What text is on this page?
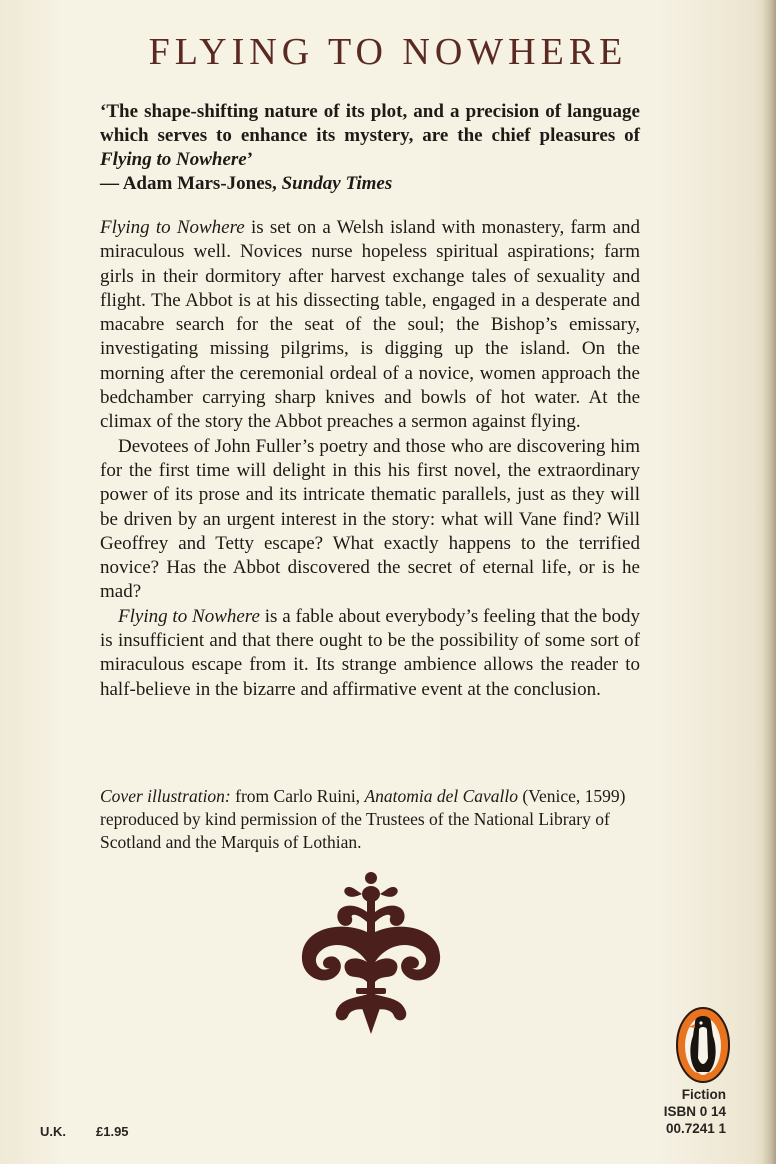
FLYING TO NOWHERE
‘The shape-shifting nature of its plot, and a precision of language which serves to enhance its mystery, are the chief pleasures of Flying to Nowhere’
— Adam Mars-Jones, Sunday Times

Flying to Nowhere is set on a Welsh island with monastery, farm and miraculous well. Novices nurse hopeless spiritual aspirations; farm girls in their dormitory after harvest exchange tales of sexuality and flight. The Abbot is at his dissecting table, engaged in a desperate and macabre search for the seat of the soul; the Bishop’s emissary, investigating missing pilgrims, is digging up the island. On the morning after the ceremonial ordeal of a novice, women approach the bedchamber carrying sharp knives and bowls of hot water. At the climax of the story the Abbot preaches a sermon against flying.

Devotees of John Fuller’s poetry and those who are discovering him for the first time will delight in this his first novel, the extraordinary power of its prose and its intricate thematic parallels, just as they will be driven by an urgent interest in the story: what will Vane find? Will Geoffrey and Tetty escape? What exactly happens to the terrified novice? Has the Abbot discovered the secret of eternal life, or is he mad?

Flying to Nowhere is a fable about everybody’s feeling that the body is insufficient and that there ought to be the possibility of some sort of miraculous escape from it. Its strange ambience allows the reader to half-believe in the bizarre and affirmative event at the conclusion.

Cover illustration: from Carlo Ruini, Anatomia del Cavallo (Venice, 1599) reproduced by kind permission of the Trustees of the National Library of Scotland and the Marquis of Lothian.
U.K. £1.95
Fiction
ISBN 0 14
00.7241 1
